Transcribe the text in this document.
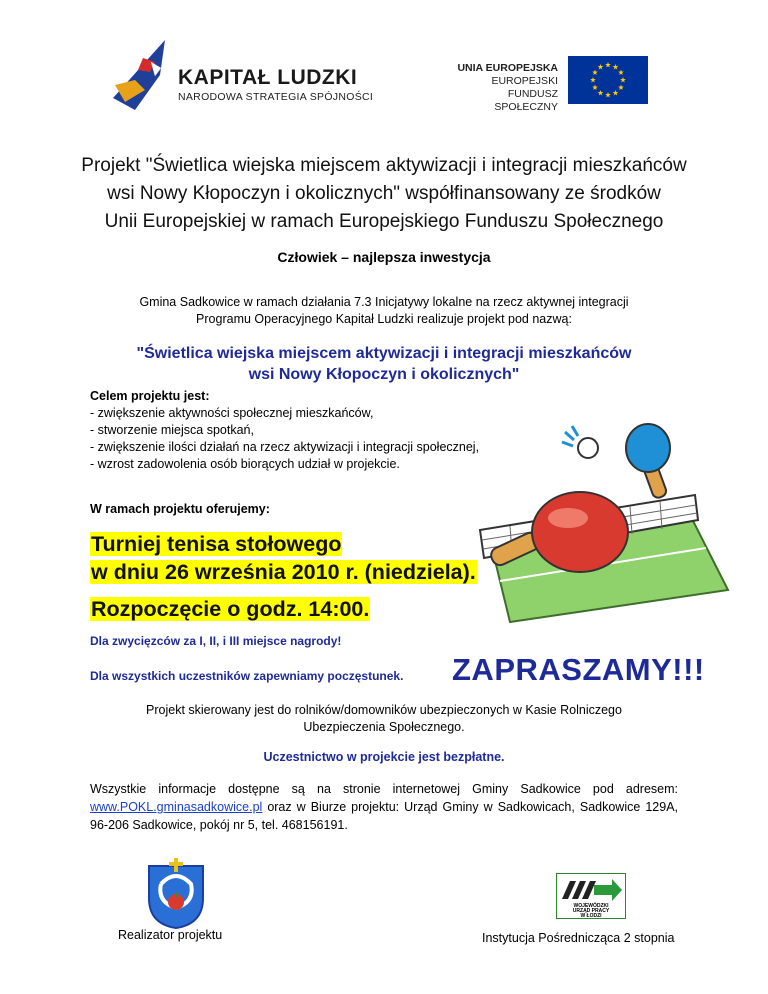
KAPITAŁ LUDZKI
NARODOWA STRATEGIA SPÓJNOŚCI
UNIA EUROPEJSKA
EUROPEJSKI
FUNDUSZ SPOŁECZNY
Projekt "Świetlica wiejska miejscem aktywizacji i integracji mieszkańców
wsi Nowy Kłopoczyn i okolicznych" współfinansowany ze środków
Unii Europejskiej w ramach Europejskiego Funduszu Społecznego
Człowiek – najlepsza inwestycja
Gmina Sadkowice w ramach działania 7.3 Inicjatywy lokalne na rzecz aktywnej integracji
Programu Operacyjnego Kapitał Ludzki realizuje projekt pod nazwą:
"Świetlica wiejska miejscem aktywizacji i integracji mieszkańców
wsi Nowy Kłopoczyn i okolicznych"
Celem projektu jest:
- zwiększenie aktywności społecznej mieszkańców,
- stworzenie miejsca spotkań,
- zwiększenie ilości działań na rzecz aktywizacji i integracji społecznej,
- wzrost zadowolenia osób biorących udział w projekcie.
W ramach projektu oferujemy:
Turniej tenisa stołowego
w dniu 26 września 2010 r. (niedziela).
Rozpoczęcie o godz. 14:00.
Dla zwycięzców za I, II, i III miejsce nagrody!
Dla wszystkich uczestników zapewniamy poczęstunek. ZAPRASZAMY!!!
Projekt skierowany jest do rolników/domowników ubezpieczonych w Kasie Rolniczego
Ubezpieczenia Społecznego.
Uczestnictwo w projekcie jest bezpłatne.
Wszystkie informacje dostępne są na stronie internetowej Gminy Sadkowice pod adresem: www.POKL.gminasadkowice.pl oraz w Biurze projektu: Urząd Gminy w Sadkowicach, Sadkowice 129A, 96-206 Sadkowice, pokój nr 5, tel. 468156191.
WOJEWÓDZKI
URZĄD PRACY
W ŁODZI
Realizator projektu	Instytucja Pośrednicząca 2 stopnia
